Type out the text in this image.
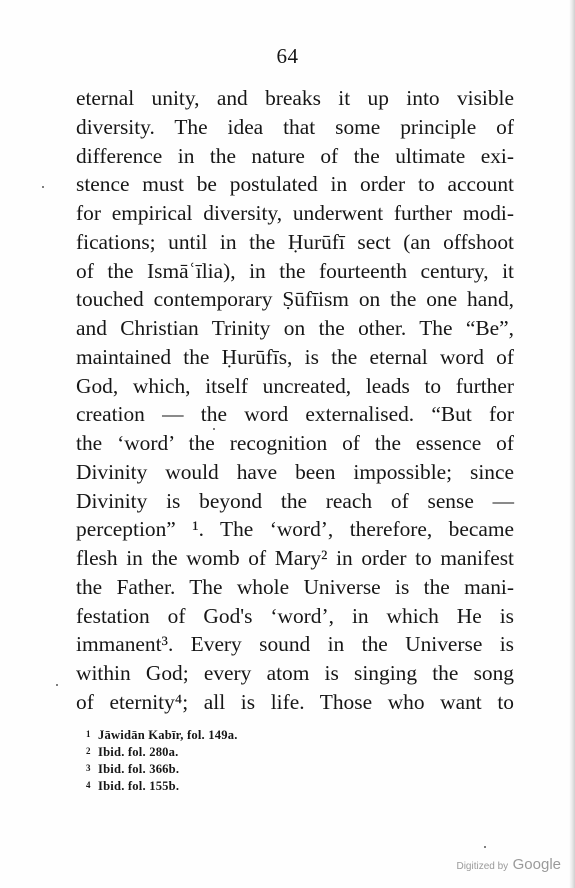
64
eternal unity, and breaks it up into visible
diversity. The idea that some principle of
difference in the nature of the ultimate exi-
stence must be postulated in order to account
for empirical diversity, underwent further modi-
fications; until in the Ḥurūfī sect (an offshoot
of the Ismāʿīlia), in the fourteenth century, it
touched contemporary Ṣūfīism on the one hand,
and Christian Trinity on the other. The “Be”,
maintained the Ḥurūfīs, is the eternal word of
God, which, itself uncreated, leads to further
creation — the word externalised. “But for
the ‘word’ the recognition of the essence of
Divinity would have been impossible; since
Divinity is beyond the reach of sense —
perception” ¹. The ‘word’, therefore, became
flesh in the womb of Mary² in order to manifest
the Father. The whole Universe is the mani-
festation of God's ‘word’, in which He is
immanent³. Every sound in the Universe is
within God; every atom is singing the song
of eternity⁴; all is life. Those who want to
1 Jāwidān Kabīr, fol. 149a.
2 Ibid. fol. 280a.
3 Ibid. fol. 366b.
4 Ibid. fol. 155b.
Digitized by Google
